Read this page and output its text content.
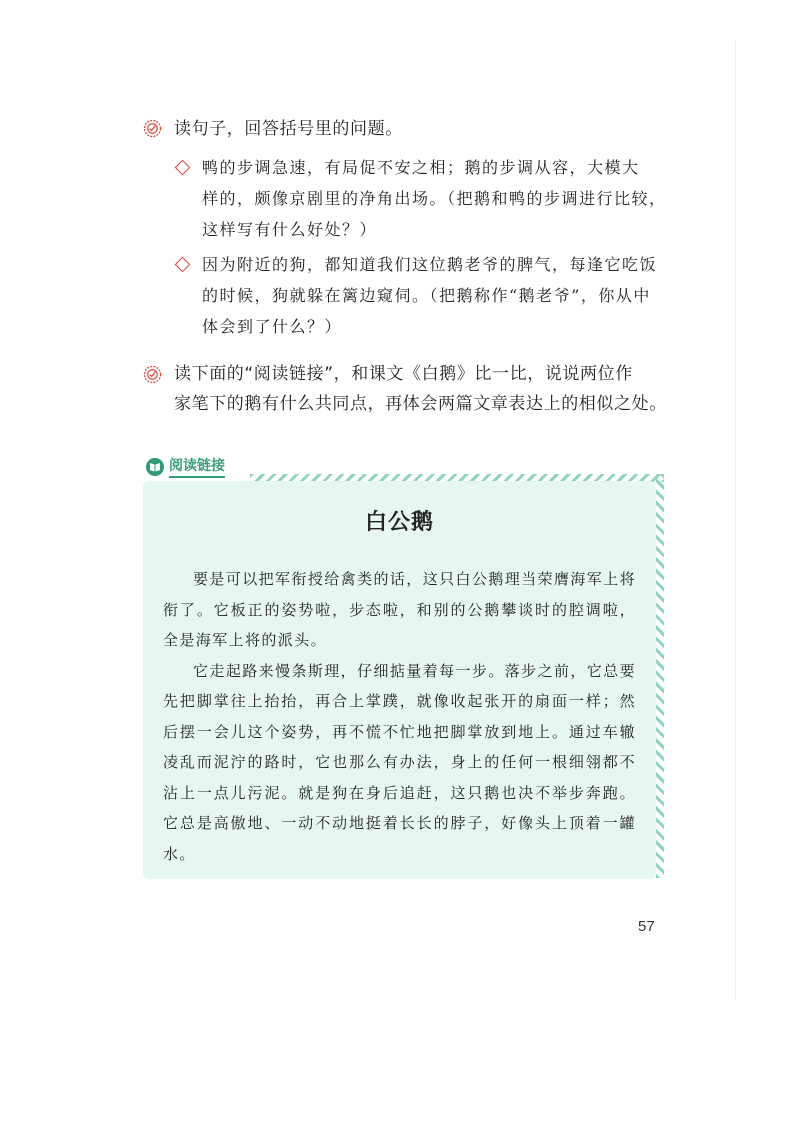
读句子，回答括号里的问题。
鸭的步调急速，有局促不安之相；鹅的步调从容，大模大
样的，颇像京剧里的净角出场。（把鹅和鸭的步调进行比较，
这样写有什么好处？）
因为附近的狗，都知道我们这位鹅老爷的脾气，每逢它吃饭
的时候，狗就躲在篱边窥伺。（把鹅称作“鹅老爷”，你从中
体会到了什么？）
读下面的“阅读链接”，和课文《白鹅》比一比，说说两位作
家笔下的鹅有什么共同点，再体会两篇文章表达上的相似之处。
阅读链接
白公鹅

要是可以把军衔授给禽类的话，这只白公鹅理当荣膺海军上将衔了。它板正的姿势啦，步态啦，和别的公鹅攀谈时的腔调啦，全是海军上将的派头。

它走起路来慢条斯理，仔细掂量着每一步。落步之前，它总要先把脚掌往上抬抬，再合上掌蹼，就像收起张开的扇面一样；然后摆一会儿这个姿势，再不慌不忙地把脚掌放到地上。通过车辙凌乱而泥泞的路时，它也那么有办法，身上的任何一根细翎都不沾上一点儿污泥。就是狗在身后追赶，这只鹅也决不举步奔跑。它总是高傲地、一动不动地挺着长长的脖子，好像头上顶着一罐水。

57
